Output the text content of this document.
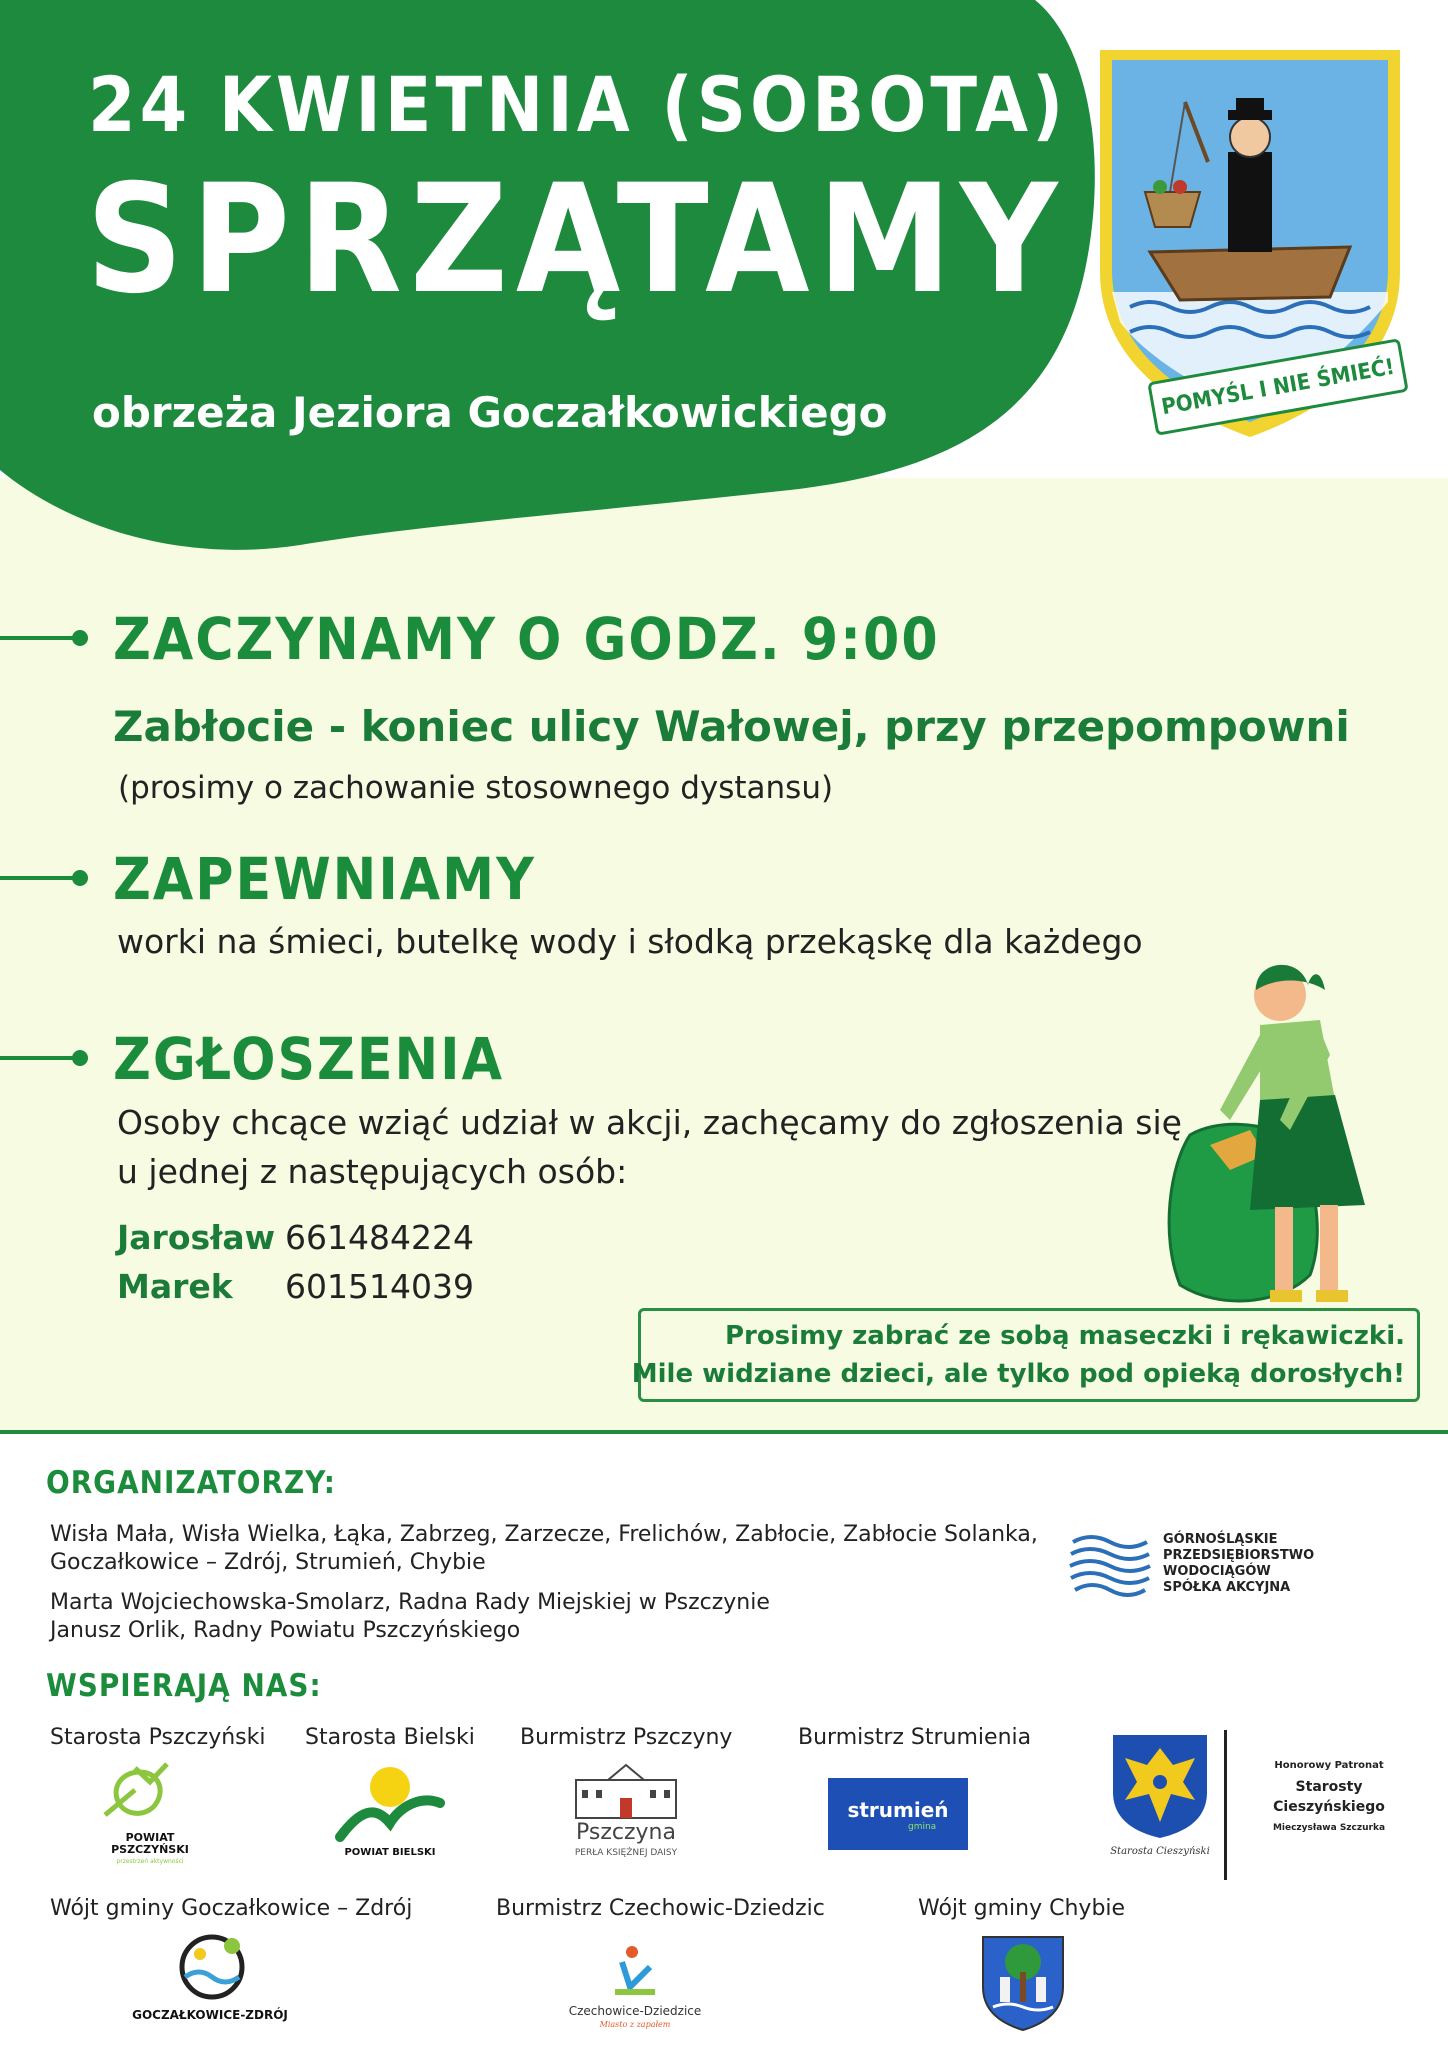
24 KWIETNIA (SOBOTA)
SPRZĄTAMY
obrzeża Jeziora Goczałkowickiego	POMYŚL I NIE ŚMIEĆ!
ZACZYNAMY O GODZ. 9:00
Zabłocie - koniec ulicy Wałowej, przy przepompowni
(prosimy o zachowanie stosownego dystansu)
ZAPEWNIAMY
worki na śmieci, butelkę wody i słodką przekąskę dla każdego
ZGŁOSZENIA
Osoby chcące wziąć udział w akcji, zachęcamy do zgłoszenia się
u jednej z następujących osób:
Jarosław 661484224
Marek 601514039
Prosimy zabrać ze sobą maseczki i rękawiczki.
Mile widziane dzieci, ale tylko pod opieką dorosłych!
ORGANIZATORZY:
Wisła Mała, Wisła Wielka, Łąka, Zabrzeg, Zarzecze, Frelichów, Zabłocie, Zabłocie Solanka,
Goczałkowice – Zdrój, Strumień, Chybie
Marta Wojciechowska-Smolarz, Radna Rady Miejskiej w Pszczynie
Janusz Orlik, Radny Powiatu Pszczyńskiego
GÓRNOŚLĄSKIE
PRZEDSIĘBIORSTWO
WODOCIĄGÓW
SPÓŁKA AKCYJNA
WSPIERAJĄ NAS:
Starosta Pszczyński Starosta Bielski Burmistrz Pszczyny	Burmistrz Strumienia
Wójt gminy Goczałkowice – Zdrój	Burmistrz Czechowic-Dziedzic	Wójt gminy Chybie
POWIAT
PSZCZYŃSKI
przestrzeń aktywności
POWIAT BIELSKI
Pszczyna
PERŁA KSIĘŻNEJ DAISY
strumień
gmina
Starosta Cieszyński
Honorowy Patronat
Starosty
Cieszyńskiego
Mieczysława Szczurka
GOCZAŁKOWICE-ZDRÓJ	Czechowice-Dziedzice
Miasto z zapałem
